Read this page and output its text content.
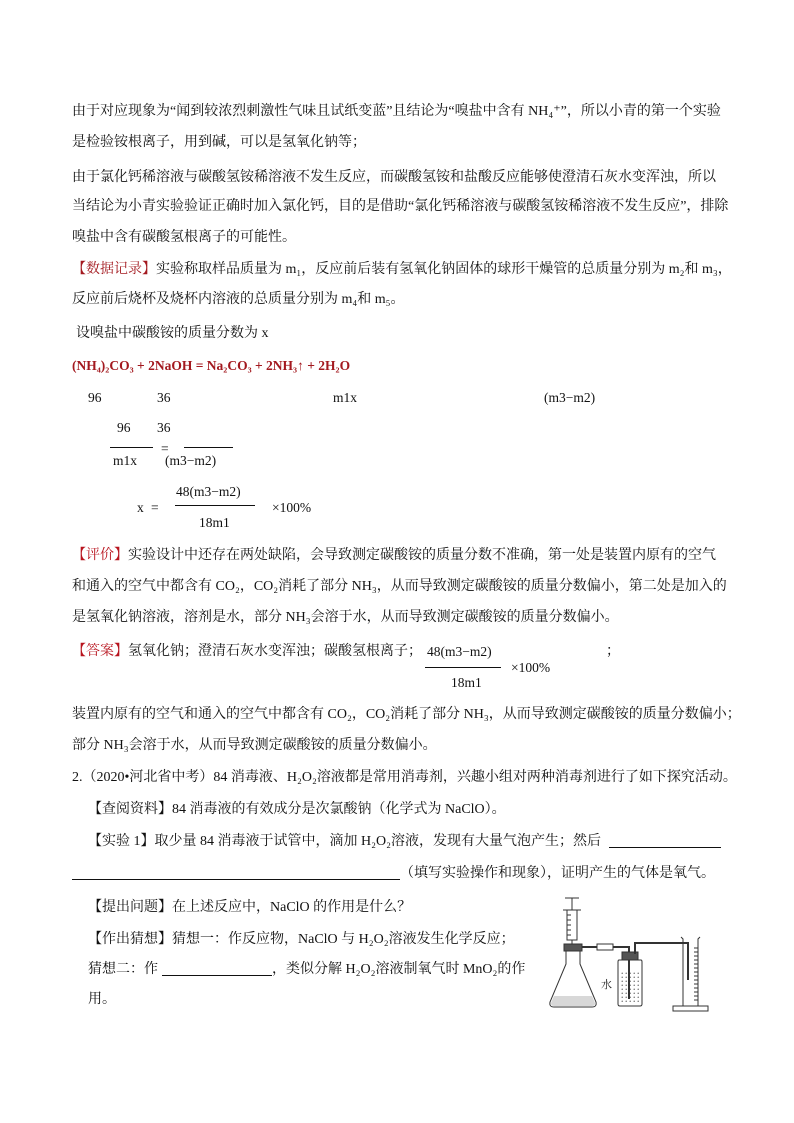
由于对应现象为“闻到较浓烈刺激性气味且试纸变蓝”且结论为“嗅盐中含有 NH₄⁺”，所以小青的第一个实验
是检验铵根离子，用到碱，可以是氢氧化钠等；
由于氯化钙稀溶液与碳酸氢铵稀溶液不发生反应，而碳酸氢铵和盐酸反应能够使澄清石灰水变浑浊，所以
当结论为小青实验验证正确时加入氯化钙，目的是借助“氯化钙稀溶液与碳酸氢铵稀溶液不发生反应”，排除
嗅盐中含有碳酸氢根离子的可能性。
【数据记录】实验称取样品质量为 m₁，反应前后装有氢氧化钠固体的球形干燥管的总质量分别为 m₂和 m₃，
反应前后烧杯及烧杯内溶液的总质量分别为 m₄和 m₅。
设嗅盐中碳酸铵的质量分数为 x
(NH₄)₂CO₃ + 2NaOH = Na₂CO₃ + 2NH₃↑ + 2H₂O
96	36	m1x	(m3−m2)
96
m1x
=
36
(m3−m2)
x =
48(m3−m2)
18m1
×100%
【评价】实验设计中还存在两处缺陷，会导致测定碳酸铵的质量分数不准确，第一处是装置内原有的空气
和通入的空气中都含有 CO₂，CO₂消耗了部分 NH₃，从而导致测定碳酸铵的质量分数偏小，第二处是加入的
是氢氧化钠溶液，溶剂是水，部分 NH₃会溶于水，从而导致测定碳酸铵的质量分数偏小。
【答案】氢氧化钠；澄清石灰水变浑浊；碳酸氢根离子； 48(m3−m2)
18m1
×100%
；
装置内原有的空气和通入的空气中都含有 CO₂，CO₂消耗了部分 NH₃，从而导致测定碳酸铵的质量分数偏小；
部分 NH₃会溶于水，从而导致测定碳酸铵的质量分数偏小。
2.（2020•河北省中考）84 消毒液、H₂O₂溶液都是常用消毒剂，兴趣小组对两种消毒剂进行了如下探究活动。
【查阅资料】84 消毒液的有效成分是次氯酸钠（化学式为 NaClO）。
【实验 1】取少量 84 消毒液于试管中，滴加 H₂O₂溶液，发现有大量气泡产生；然后
（填写实验操作和现象），证明产生的气体是氧气。
【提出问题】在上述反应中，NaClO 的作用是什么？
【作出猜想】猜想一：作反应物，NaClO 与 H₂O₂溶液发生化学反应；
猜想二：作	，类似分解 H₂O₂溶液制氧气时 MnO₂的作
用。
水
